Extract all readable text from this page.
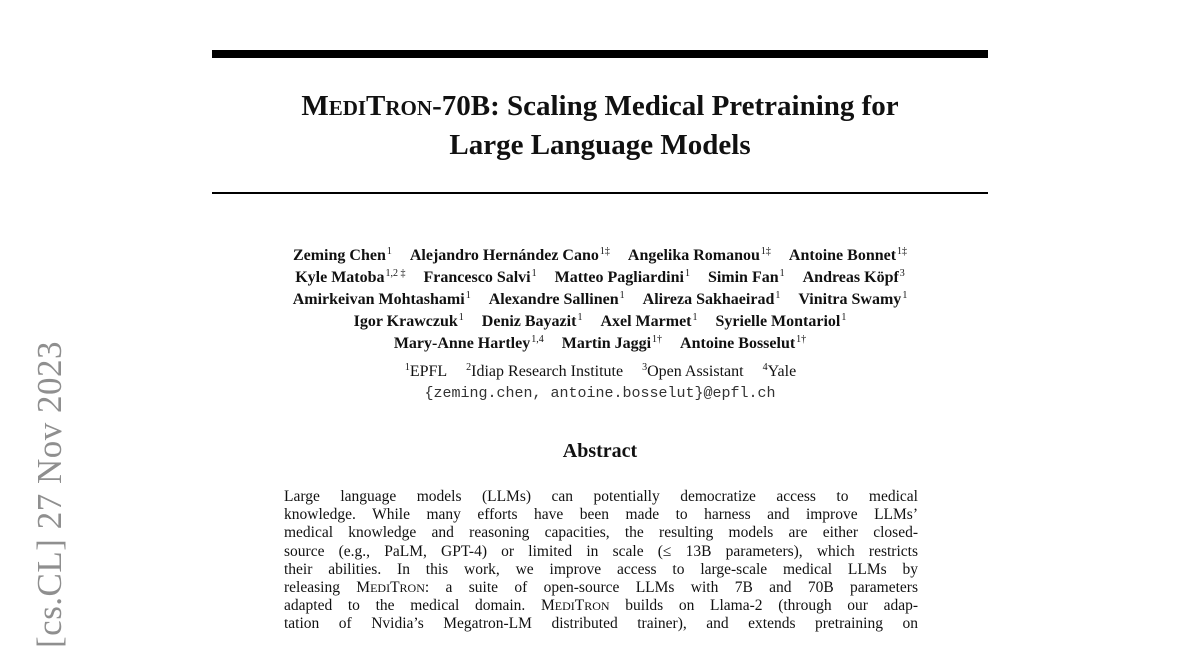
[cs.CL] 27 Nov 2023
MEDITRON-70B: Scaling Medical Pretraining for
Large Language Models
Zeming Chen$^1$ Alejandro Hernández Cano$^{1\ddagger}$ Angelika Romanou$^{1\ddagger}$ Antoine Bonnet$^{1\ddagger}$
Kyle Matoba$^{1,2 \ddagger}$ Francesco Salvi$^1$ Matteo Pagliardini$^1$ Simin Fan$^1$ Andreas Köpf$^3$
Amirkeivan Mohtashami$^1$ Alexandre Sallinen$^1$ Alireza Sakhaeirad$^1$ Vinitra Swamy$^1$
Igor Krawczuk$^1$ Deniz Bayazit$^1$ Axel Marmet$^1$ Syrielle Montariol$^1$
Mary-Anne Hartley$^{1,4}$ Martin Jaggi$^{1\dagger}$ Antoine Bosselut$^{1\dagger}$
$^1$EPFL $^2$Idiap Research Institute $^3$Open Assistant $^4$Yale
{zeming.chen, antoine.bosselut}@epfl.ch
Abstract
Large language models (LLMs) can potentially democratize access to medical
knowledge. While many efforts have been made to harness and improve LLMs’
medical knowledge and reasoning capacities, the resulting models are either closed-
source (e.g., PaLM, GPT-4) or limited in scale (≤ 13B parameters), which restricts
their abilities. In this work, we improve access to large-scale medical LLMs by
releasing MEDITRON: a suite of open-source LLMs with 7B and 70B parameters
adapted to the medical domain. MEDITRON builds on Llama-2 (through our adap-
tation of Nvidia’s Megatron-LM distributed trainer), and extends pretraining on
